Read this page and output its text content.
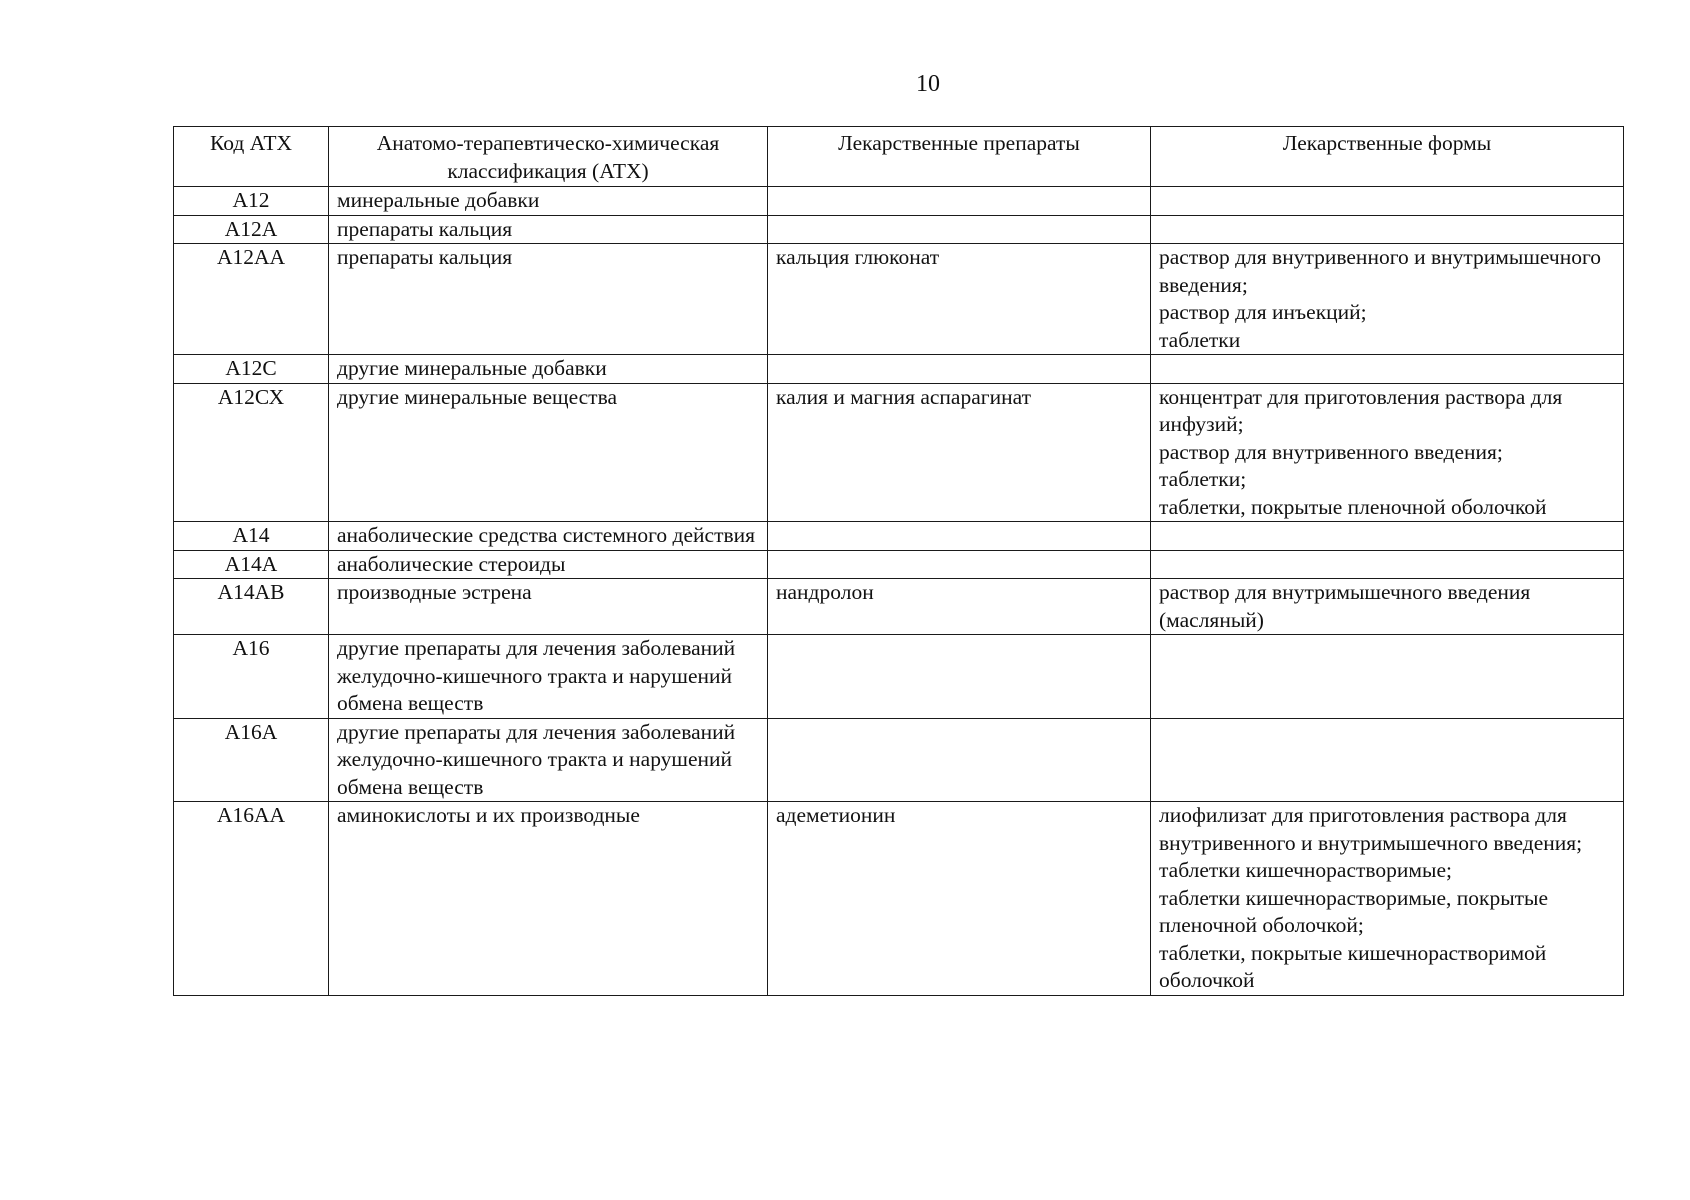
10
Код АТХ	Анатомо-терапевтическо-химическая классификация (АТХ)	Лекарственные препараты	Лекарственные формы
А12	минеральные добавки		
А12А	препараты кальция		
А12АА	препараты кальция	кальция глюконат	раствор для внутривенного и внутримышечного введения;
раствор для инъекций;
таблетки

А12С	другие минеральные добавки		
А12СХ	другие минеральные вещества	калия и магния аспарагинат	концентрат для приготовления раствора для инфузий;
раствор для внутривенного введения;
таблетки;
таблетки, покрытые пленочной оболочкой

А14	анаболические средства системного действия		
А14А	анаболические стероиды		
А14АВ	производные эстрена	нандролон	раствор для внутримышечного введения (масляный)

А16	другие препараты для лечения заболеваний желудочно-кишечного тракта и нарушений обмена веществ		
А16А	другие препараты для лечения заболеваний желудочно-кишечного тракта и нарушений обмена веществ		
А16АА	аминокислоты и их производные	адеметионин	лиофилизат для приготовления раствора для внутривенного и внутримышечного введения;
таблетки кишечнорастворимые;
таблетки кишечнорастворимые, покрытые пленочной оболочкой;
таблетки, покрытые кишечнорастворимой оболочкой
